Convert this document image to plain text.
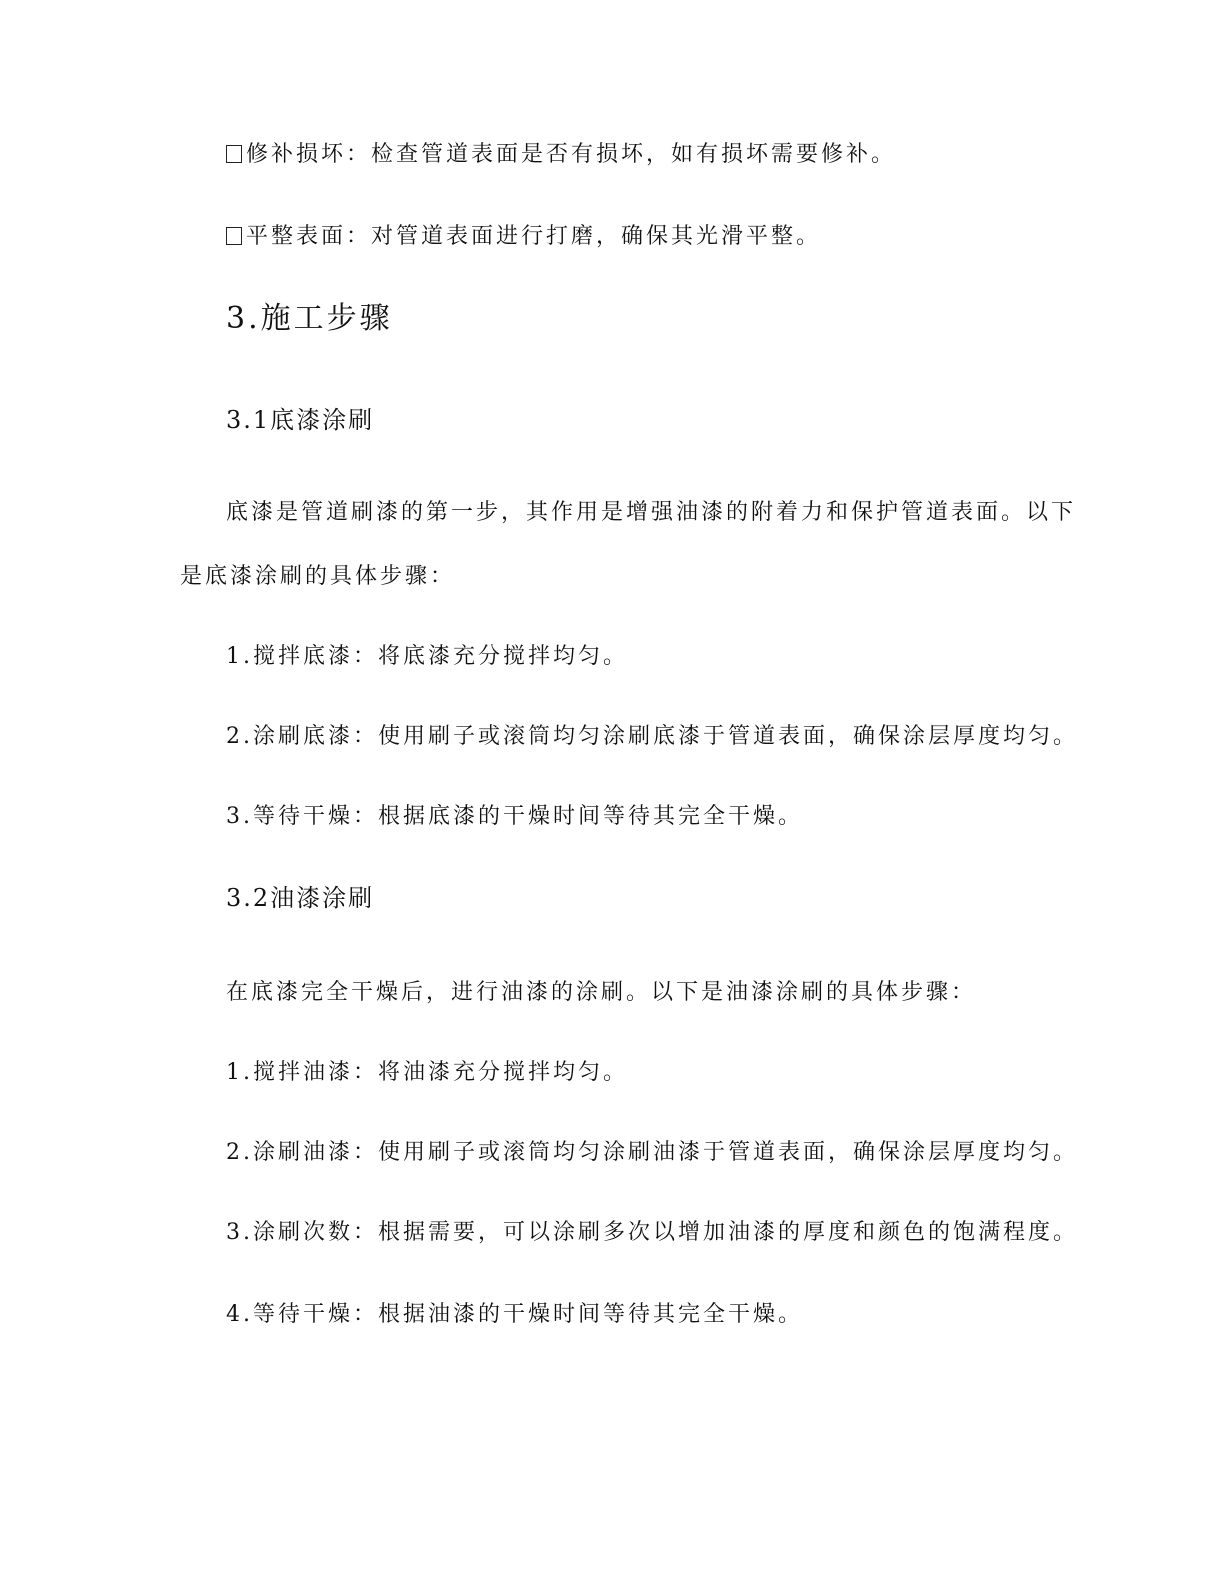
修补损坏：检查管道表面是否有损坏，如有损坏需要修补。
平整表面：对管道表面进行打磨，确保其光滑平整。
3.施工步骤
3.1底漆涂刷
底漆是管道刷漆的第一步，其作用是增强油漆的附着力和保护管道表面。以下
是底漆涂刷的具体步骤：
1.搅拌底漆：将底漆充分搅拌均匀。
2.涂刷底漆：使用刷子或滚筒均匀涂刷底漆于管道表面，确保涂层厚度均匀。
3.等待干燥：根据底漆的干燥时间等待其完全干燥。
3.2油漆涂刷
在底漆完全干燥后，进行油漆的涂刷。以下是油漆涂刷的具体步骤：
1.搅拌油漆：将油漆充分搅拌均匀。
2.涂刷油漆：使用刷子或滚筒均匀涂刷油漆于管道表面，确保涂层厚度均匀。
3.涂刷次数：根据需要，可以涂刷多次以增加油漆的厚度和颜色的饱满程度。
4.等待干燥：根据油漆的干燥时间等待其完全干燥。
